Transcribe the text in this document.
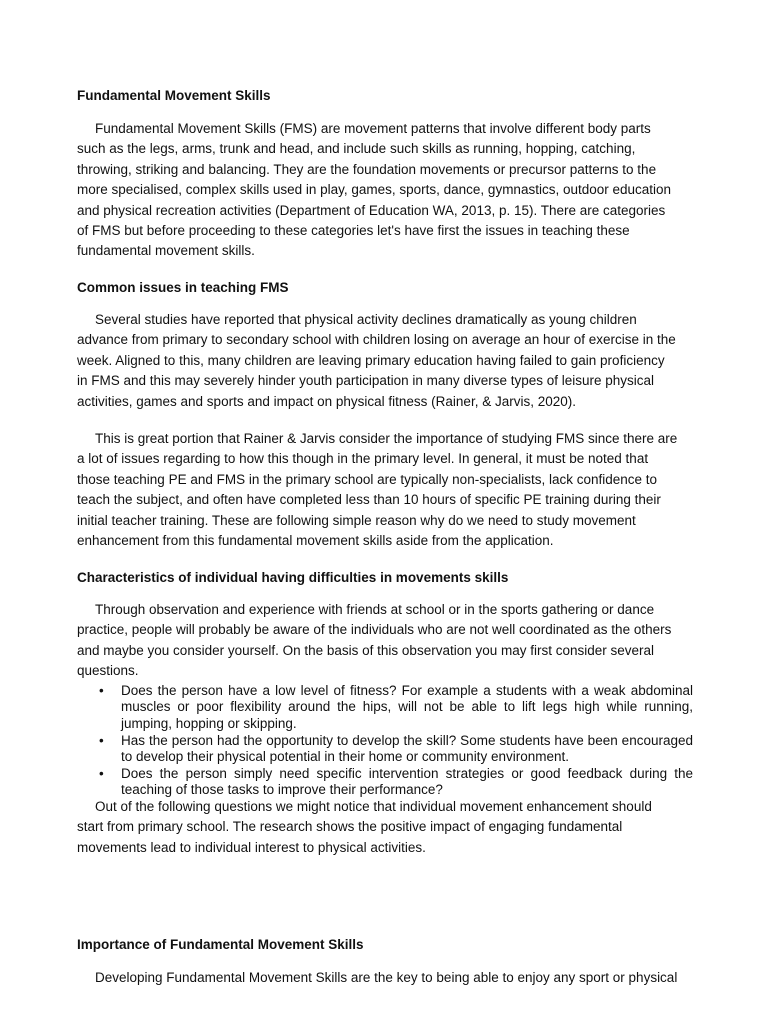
Fundamental Movement Skills

Fundamental Movement Skills (FMS) are movement patterns that involve different body parts
such as the legs, arms, trunk and head, and include such skills as running, hopping, catching,
throwing, striking and balancing. They are the foundation movements or precursor patterns to the
more specialised, complex skills used in play, games, sports, dance, gymnastics, outdoor education
and physical recreation activities (Department of Education WA, 2013, p. 15). There are categories
of FMS but before proceeding to these categories let's have first the issues in teaching these
fundamental movement skills.

Common issues in teaching FMS

Several studies have reported that physical activity declines dramatically as young children
advance from primary to secondary school with children losing on average an hour of exercise in the
week. Aligned to this, many children are leaving primary education having failed to gain proficiency
in FMS and this may severely hinder youth participation in many diverse types of leisure physical
activities, games and sports and impact on physical fitness (Rainer, & Jarvis, 2020).

This is great portion that Rainer & Jarvis consider the importance of studying FMS since there are
a lot of issues regarding to how this though in the primary level. In general, it must be noted that
those teaching PE and FMS in the primary school are typically non-specialists, lack confidence to
teach the subject, and often have completed less than 10 hours of specific PE training during their
initial teacher training. These are following simple reason why do we need to study movement
enhancement from this fundamental movement skills aside from the application.

Characteristics of individual having difficulties in movements skills

Through observation and experience with friends at school or in the sports gathering or dance
practice, people will probably be aware of the individuals who are not well coordinated as the others
and maybe you consider yourself. On the basis of this observation you may first consider several
questions.

• Does the person have a low level of fitness? For example a students with a weak abdominal muscles or poor flexibility around the hips, will not be able to lift legs high while running, jumping, hopping or skipping.
• Has the person had the opportunity to develop the skill? Some students have been encouraged to develop their physical potential in their home or community environment.
• Does the person simply need specific intervention strategies or good feedback during the teaching of those tasks to improve their performance?

Out of the following questions we might notice that individual movement enhancement should
start from primary school. The research shows the positive impact of engaging fundamental
movements lead to individual interest to physical activities.

Importance of Fundamental Movement Skills

Developing Fundamental Movement Skills are the key to being able to enjoy any sport or physical
